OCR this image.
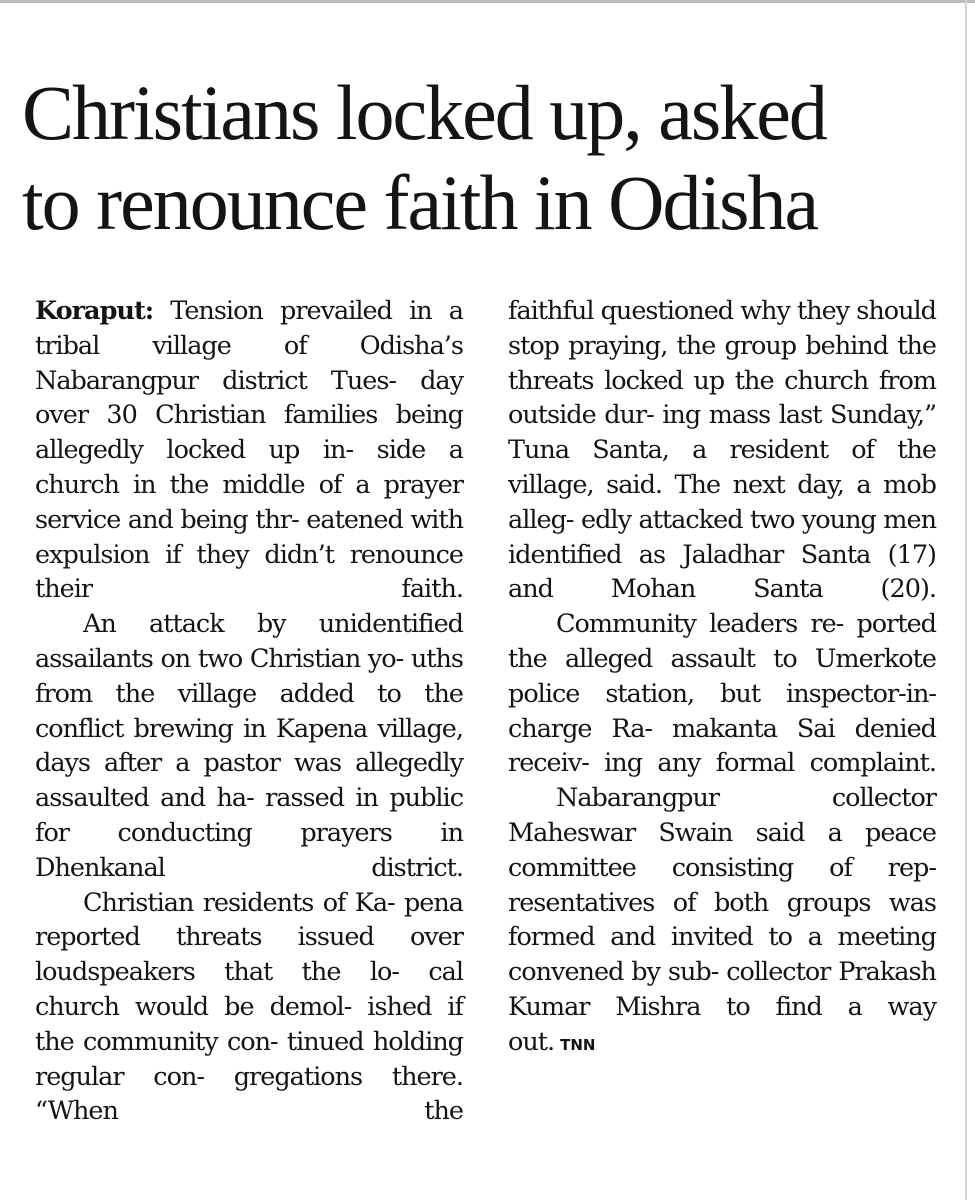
Christians locked up, asked
to renounce faith in Odisha

Koraput: Tension prevailed in a tribal village of Odisha’s Nabarangpur district Tues- day over 30 Christian families being allegedly locked up in- side a church in the middle of a prayer service and being thr- eatened with expulsion if they didn’t renounce their faith.

An attack by unidentified assailants on two Christian yo- uths from the village added to the conflict brewing in Kapena village, days after a pastor was allegedly assaulted and ha- rassed in public for conducting prayers in Dhenkanal district.

Christian residents of Ka- pena reported threats issued over loudspeakers that the lo- cal church would be demol- ished if the community con- tinued holding regular con- gregations there. “When the

faithful questioned why they should stop praying, the group behind the threats locked up the church from outside dur- ing mass last Sunday,” Tuna Santa, a resident of the village, said. The next day, a mob alleg- edly attacked two young men identified as Jaladhar Santa (17) and Mohan Santa (20).

Community leaders re- ported the alleged assault to Umerkote police station, but inspector-in-charge Ra- makanta Sai denied receiv- ing any formal complaint.

Nabarangpur collector Maheswar Swain said a peace committee consisting of rep- resentatives of both groups was formed and invited to a meeting convened by sub- collector Prakash Kumar Mishra to find a way out. TNN
